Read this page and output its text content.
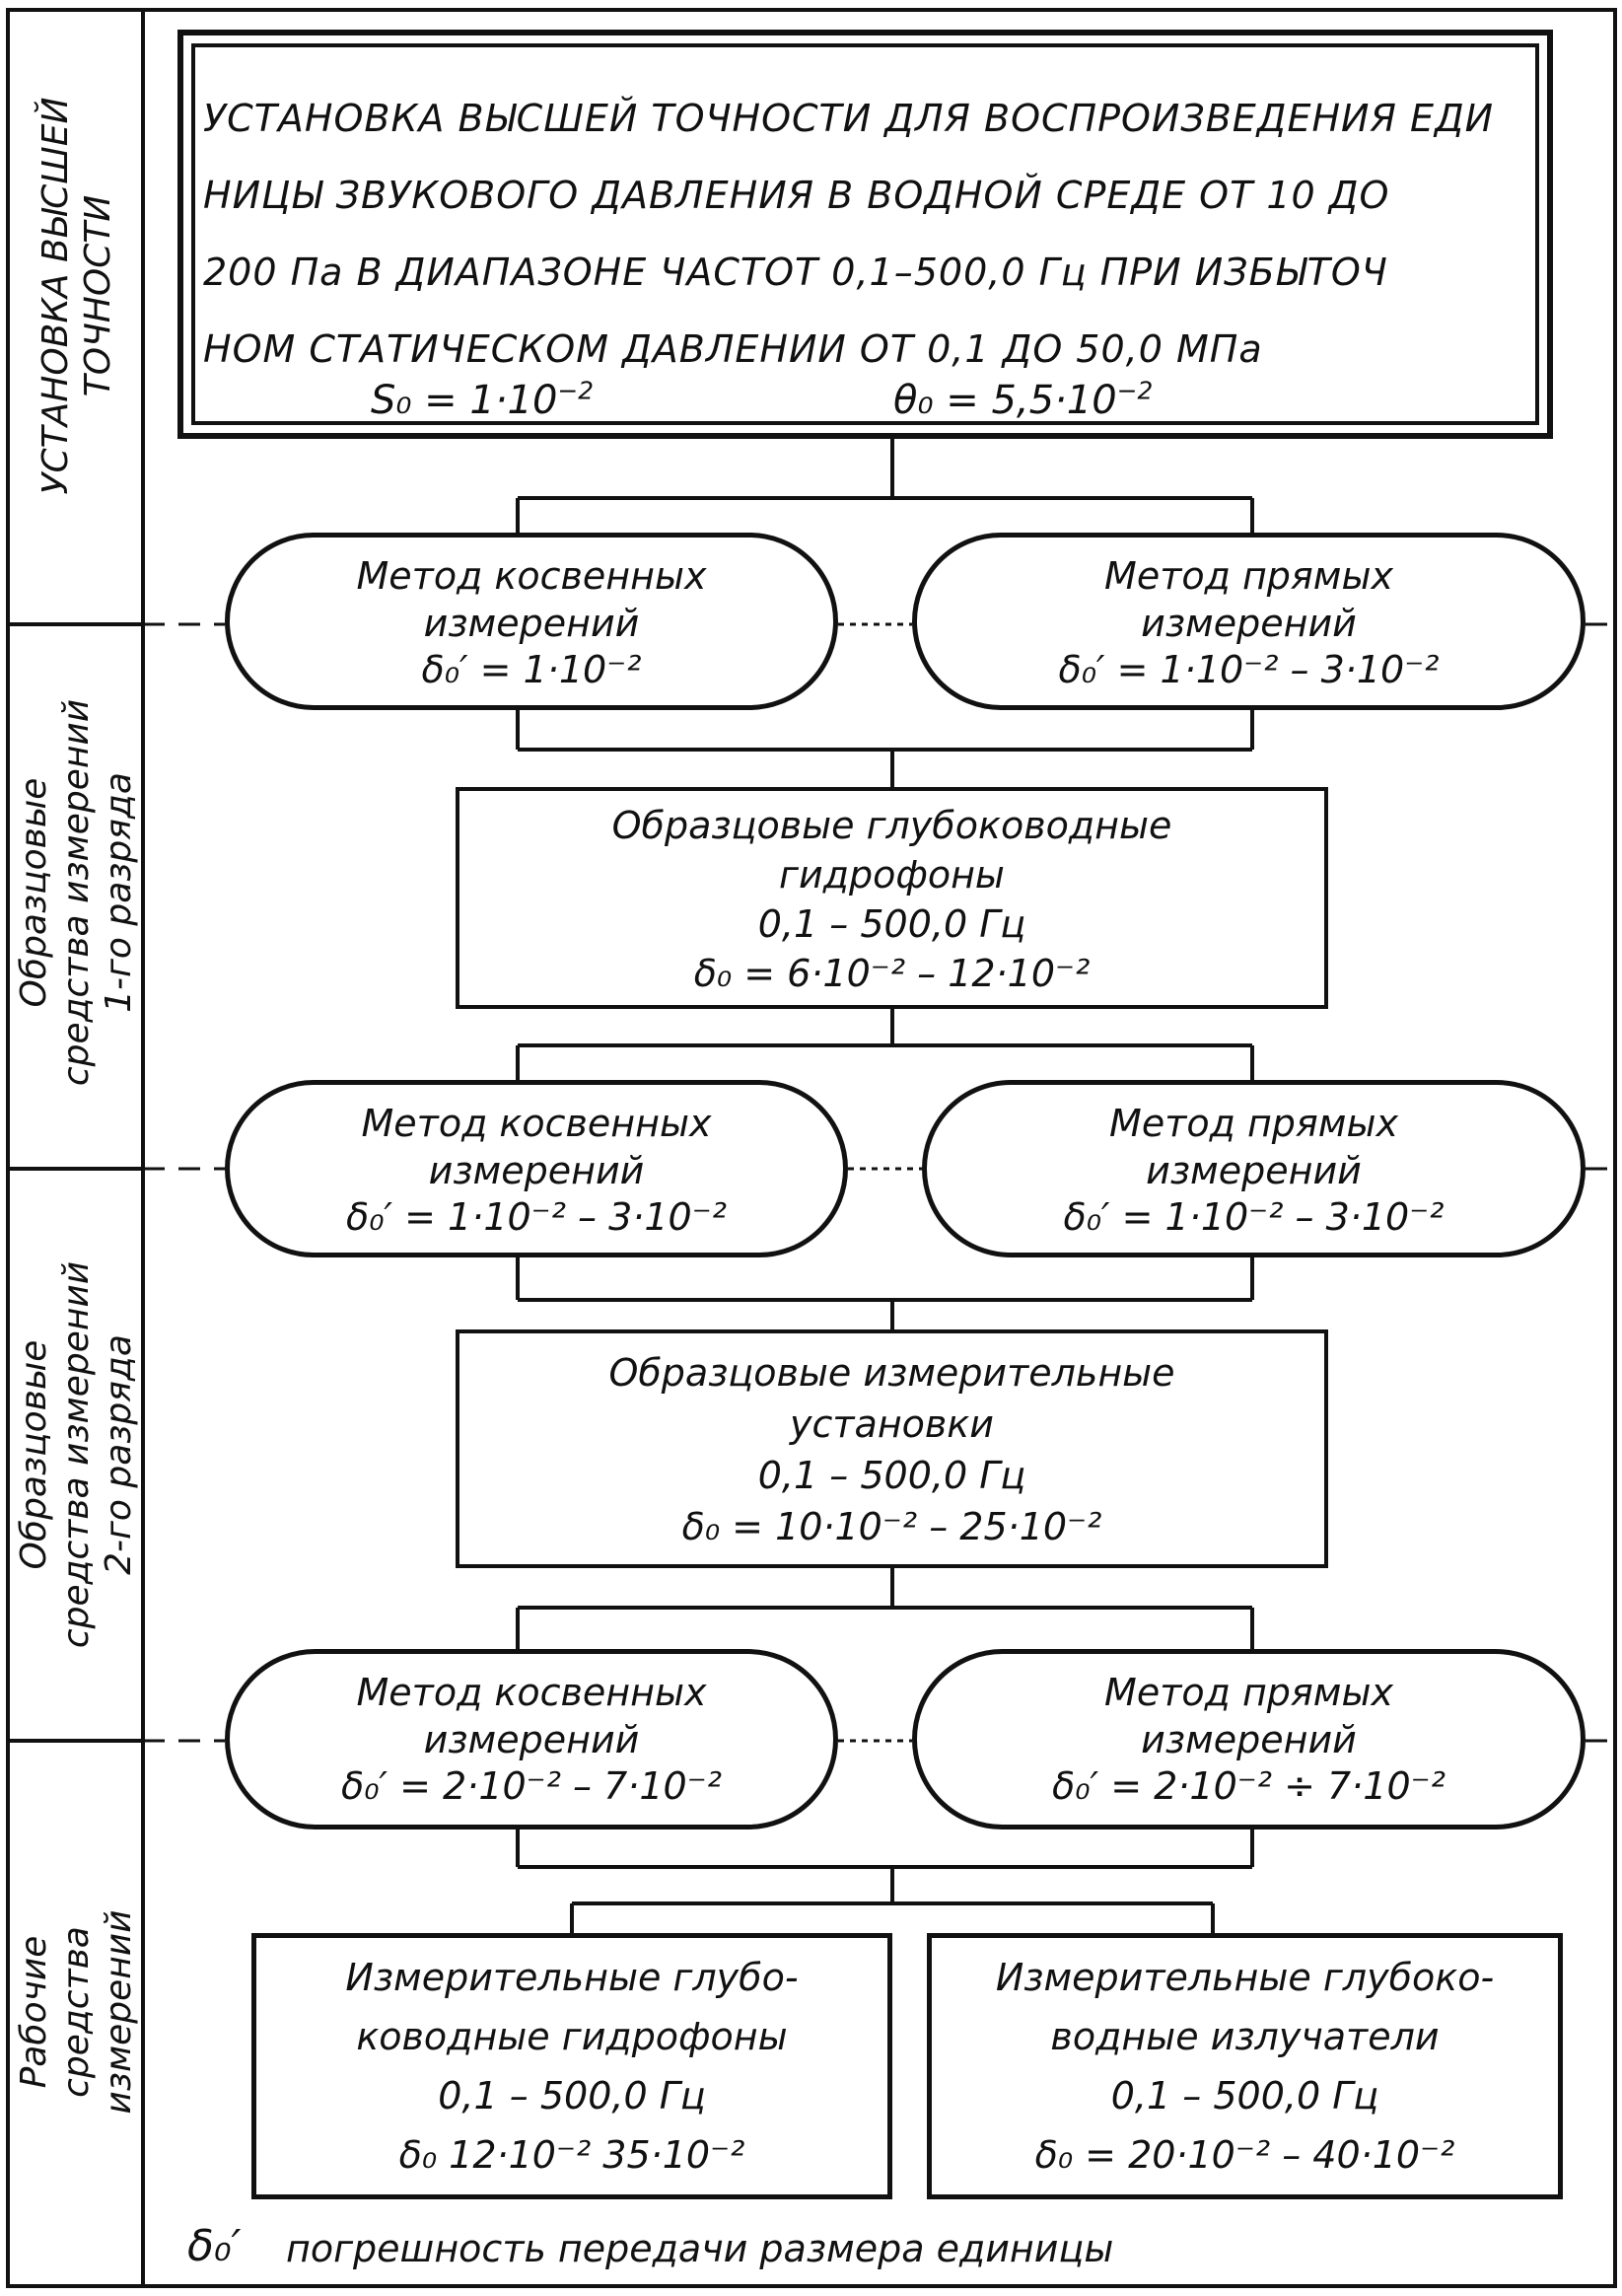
УСТАНОВКА ВЫСШЕЙ ТОЧНОСТИ
Образцовые средства измерений 1-го разряда
Образцовые средства измерений 2-го разряда
Рабочие средства измерений
УСТАНОВКА ВЫСШЕЙ ТОЧНОСТИ ДЛЯ ВОСПРОИЗВЕДЕНИЯ ЕДИ
НИЦЫ ЗВУКОВОГО ДАВЛЕНИЯ В ВОДНОЙ СРЕДЕ ОТ 10 ДО
200 Па В ДИАПАЗОНЕ ЧАСТОТ 0,1–500,0 Гц ПРИ ИЗБЫТОЧ
НОМ СТАТИЧЕСКОМ ДАВЛЕНИИ ОТ 0,1 ДО 50,0 МПа
$S_0 = 1\cdot 10^{-2}$	$\theta_0 = 5,5\cdot 10^{-2}$
Метод косвенных
измерений
δ₀′ = 1·10⁻²
Метод прямых
измерений
δ₀′ = 1·10⁻² – 3·10⁻²
Образцовые глубоководные
гидрофоны
0,1 – 500,0 Гц
δ₀ = 6·10⁻² – 12·10⁻²
Метод косвенных
измерений
δ₀′ = 1·10⁻² – 3·10⁻²
Метод прямых
измерений
δ₀′ = 1·10⁻² – 3·10⁻²
Образцовые измерительные
установки
0,1 – 500,0 Гц
δ₀ = 10·10⁻² – 25·10⁻²
Метод косвенных
измерений
δ₀′ = 2·10⁻² – 7·10⁻²
Метод прямых
измерений
δ₀′ = 2·10⁻² ÷ 7·10⁻²
Измерительные глубо-
ководные гидрофоны
0,1 – 500,0 Гц
δ₀ 12·10⁻² 35·10⁻²
Измерительные глубоко-
водные излучатели
0,1 – 500,0 Гц
δ₀ = 20·10⁻² – 40·10⁻²
δ₀′ погрешность передачи размера единицы
